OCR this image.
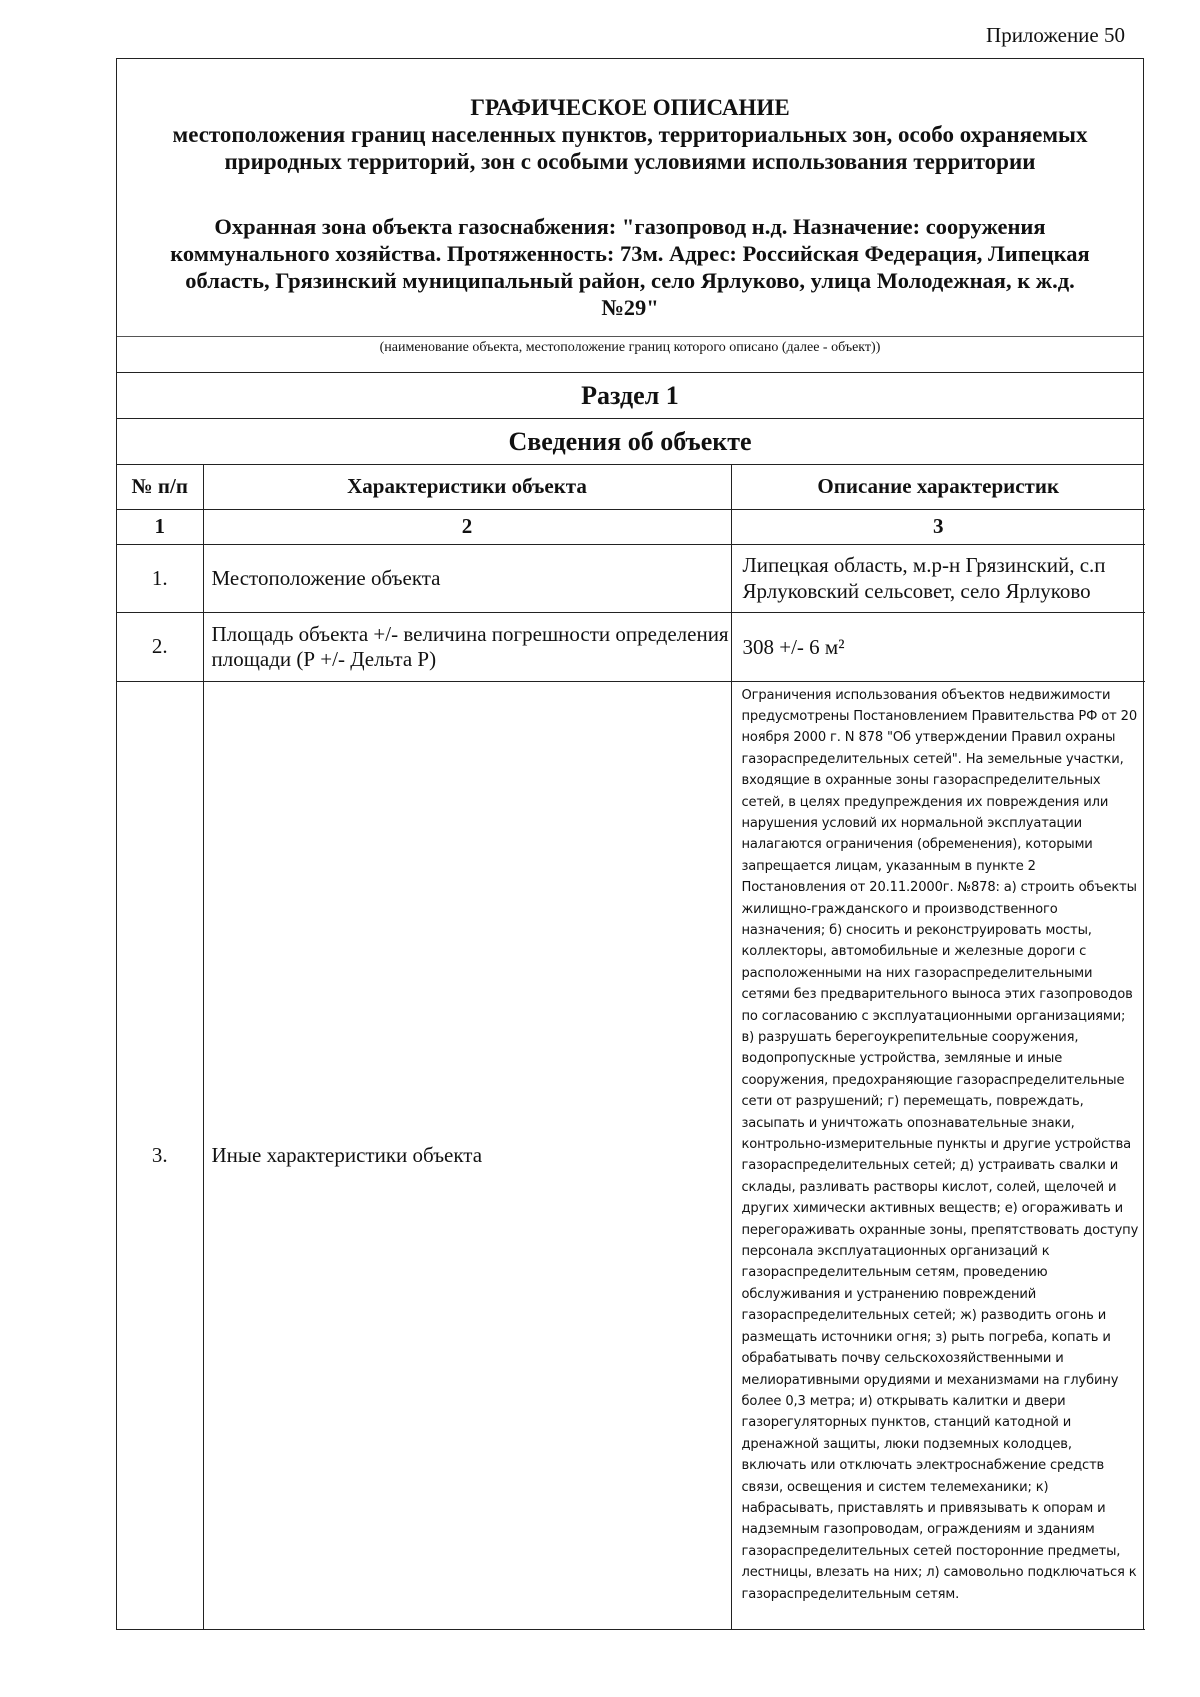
Приложение 50
ГРАФИЧЕСКОЕ ОПИСАНИЕ
местоположения границ населенных пунктов, территориальных зон, особо охраняемых природных территорий, зон с особыми условиями использования территории
Охранная зона объекта газоснабжения: "газопровод н.д. Назначение: сооружения коммунального хозяйства. Протяженность: 73м. Адрес: Российская Федерация, Липецкая область, Грязинский муниципальный район, село Ярлуково, улица Молодежная, к ж.д. №29"
(наименование объекта, местоположение границ которого описано (далее - объект))
Раздел 1
Сведения об объекте
№ п/п	Характеристики объекта	Описание характеристик
1	2	3
1.	Местоположение объекта	Липецкая область, м.р-н Грязинский, с.п Ярлуковский сельсовет, село Ярлуково
2.	Площадь объекта +/- величина погрешности определения площади (Р +/- Дельта Р)	308 +/- 6 м²
3.	Иные характеристики объекта	Ограничения использования объектов недвижимости предусмотрены Постановлением Правительства РФ от 20 ноября 2000 г. N 878 "Об утверждении Правил охраны газораспределительных сетей". На земельные участки, входящие в охранные зоны газораспределительных сетей, в целях предупреждения их повреждения или нарушения условий их нормальной эксплуатации налагаются ограничения (обременения), которыми запрещается лицам, указанным в пункте 2 Постановления от 20.11.2000г. №878: а) строить объекты жилищно-гражданского и производственного назначения; б) сносить и реконструировать мосты, коллекторы, автомобильные и железные дороги с расположенными на них газораспределительными сетями без предварительного выноса этих газопроводов по согласованию с эксплуатационными организациями; в) разрушать берегоукрепительные сооружения, водопропускные устройства, земляные и иные сооружения, предохраняющие газораспределительные сети от разрушений; г) перемещать, повреждать, засыпать и уничтожать опознавательные знаки, контрольно-измерительные пункты и другие устройства газораспределительных сетей; д) устраивать свалки и склады, разливать растворы кислот, солей, щелочей и других химически активных веществ; е) огораживать и перегораживать охранные зоны, препятствовать доступу персонала эксплуатационных организаций к газораспределительным сетям, проведению обслуживания и устранению повреждений газораспределительных сетей; ж) разводить огонь и размещать источники огня; з) рыть погреба, копать и обрабатывать почву сельскохозяйственными и мелиоративными орудиями и механизмами на глубину более 0,3 метра; и) открывать калитки и двери газорегуляторных пунктов, станций катодной и дренажной защиты, люки подземных колодцев, включать или отключать электроснабжение средств связи, освещения и систем телемеханики; к) набрасывать, приставлять и привязывать к опорам и надземным газопроводам, ограждениям и зданиям газораспределительных сетей посторонние предметы, лестницы, влезать на них; л) самовольно подключаться к газораспределительным сетям.
